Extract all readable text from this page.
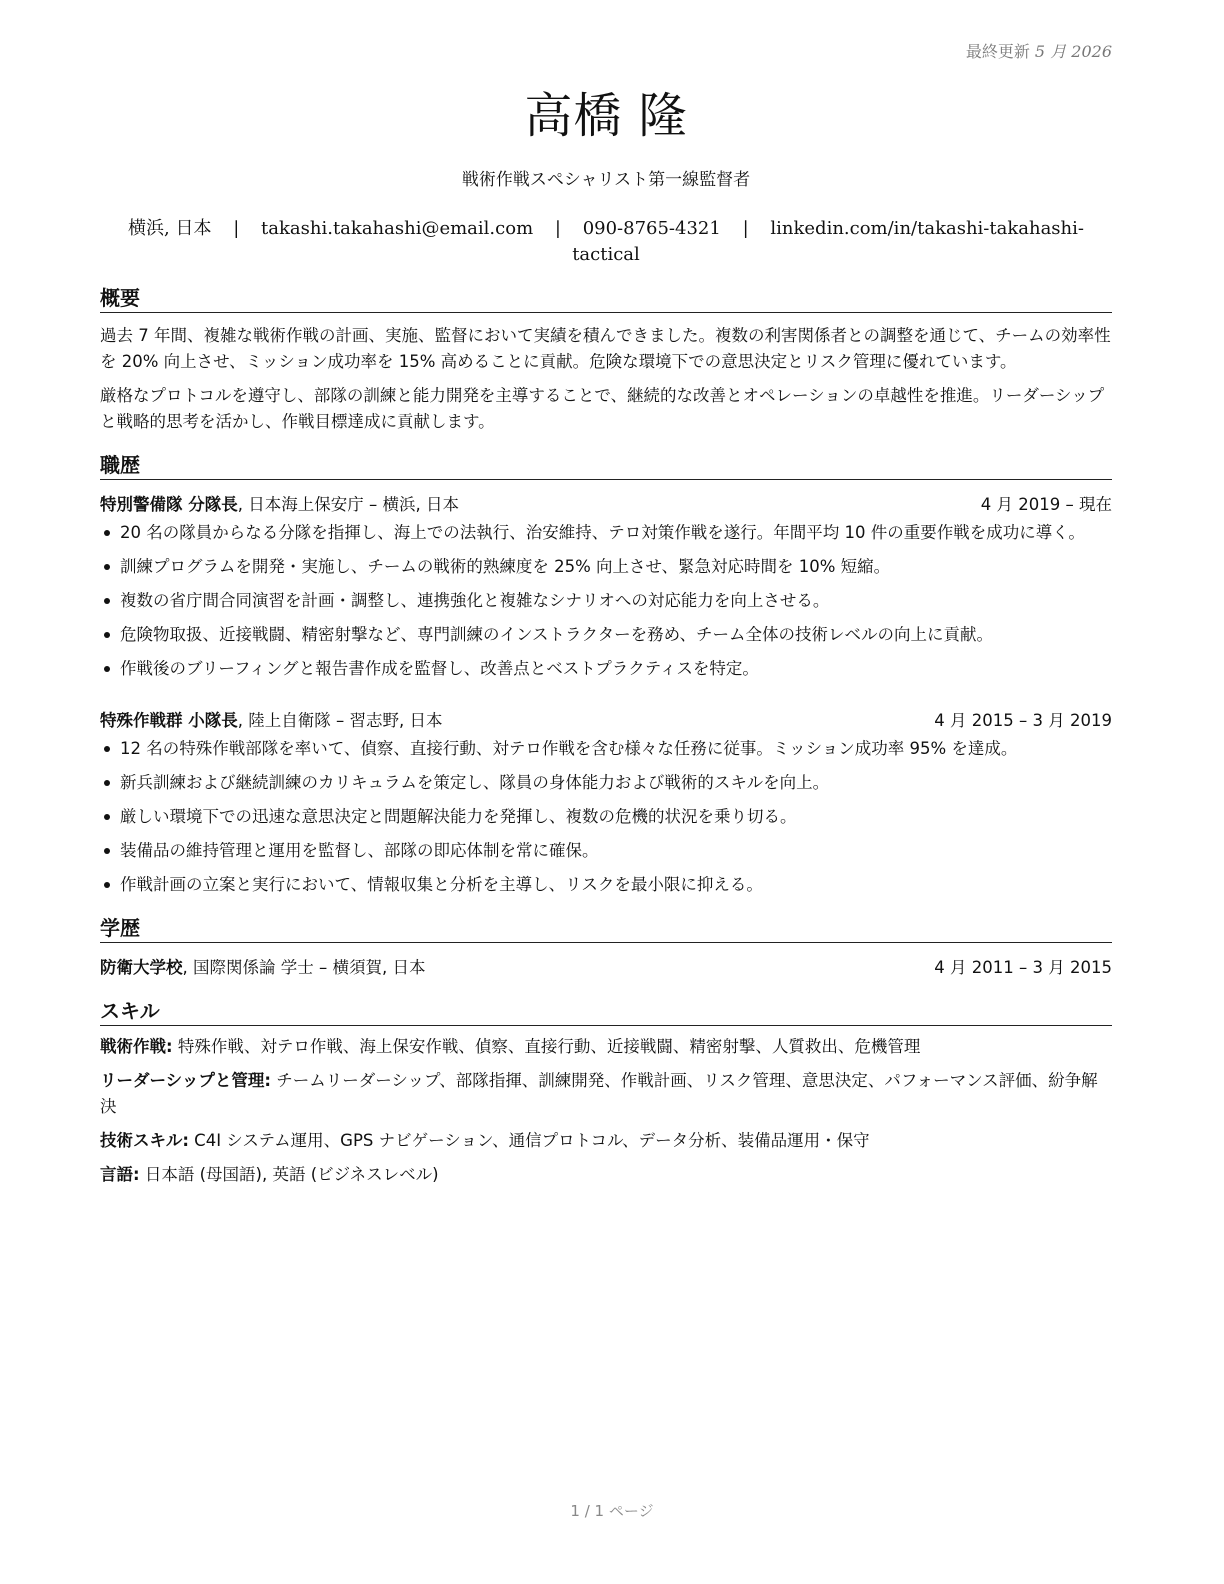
最終更新 5 月 2026
高橋 隆
戦術作戦スペシャリスト第一線監督者
横浜, 日本 | takashi.takahashi@email.com | 090-8765-4321 | linkedin.com/in/takashi-takahashi-tactical
概要
過去 7 年間、複雑な戦術作戦の計画、実施、監督において実績を積んできました。複数の利害関係者との調整を通じて、チームの効率性を 20% 向上させ、ミッション成功率を 15% 高めることに貢献。危険な環境下での意思決定とリスク管理に優れています。
厳格なプロトコルを遵守し、部隊の訓練と能力開発を主導することで、継続的な改善とオペレーションの卓越性を推進。リーダーシップと戦略的思考を活かし、作戦目標達成に貢献します。
職歴
特別警備隊 分隊長, 日本海上保安庁 – 横浜, 日本	4 月 2019 – 現在
20 名の隊員からなる分隊を指揮し、海上での法執行、治安維持、テロ対策作戦を遂行。年間平均 10 件の重要作戦を成功に導く。
訓練プログラムを開発・実施し、チームの戦術的熟練度を 25% 向上させ、緊急対応時間を 10% 短縮。
複数の省庁間合同演習を計画・調整し、連携強化と複雑なシナリオへの対応能力を向上させる。
危険物取扱、近接戦闘、精密射撃など、専門訓練のインストラクターを務め、チーム全体の技術レベルの向上に貢献。
作戦後のブリーフィングと報告書作成を監督し、改善点とベストプラクティスを特定。
特殊作戦群 小隊長, 陸上自衛隊 – 習志野, 日本	4 月 2015 – 3 月 2019
12 名の特殊作戦部隊を率いて、偵察、直接行動、対テロ作戦を含む様々な任務に従事。ミッション成功率 95% を達成。
新兵訓練および継続訓練のカリキュラムを策定し、隊員の身体能力および戦術的スキルを向上。
厳しい環境下での迅速な意思決定と問題解決能力を発揮し、複数の危機的状況を乗り切る。
装備品の維持管理と運用を監督し、部隊の即応体制を常に確保。
作戦計画の立案と実行において、情報収集と分析を主導し、リスクを最小限に抑える。
学歴
防衛大学校, 国際関係論 学士 – 横須賀, 日本	4 月 2011 – 3 月 2015
スキル
戦術作戦: 特殊作戦、対テロ作戦、海上保安作戦、偵察、直接行動、近接戦闘、精密射撃、人質救出、危機管理
リーダーシップと管理: チームリーダーシップ、部隊指揮、訓練開発、作戦計画、リスク管理、意思決定、パフォーマンス評価、紛争解決
技術スキル: C4I システム運用、GPS ナビゲーション、通信プロトコル、データ分析、装備品運用・保守
言語: 日本語 (母国語), 英語 (ビジネスレベル)
1 / 1 ページ
